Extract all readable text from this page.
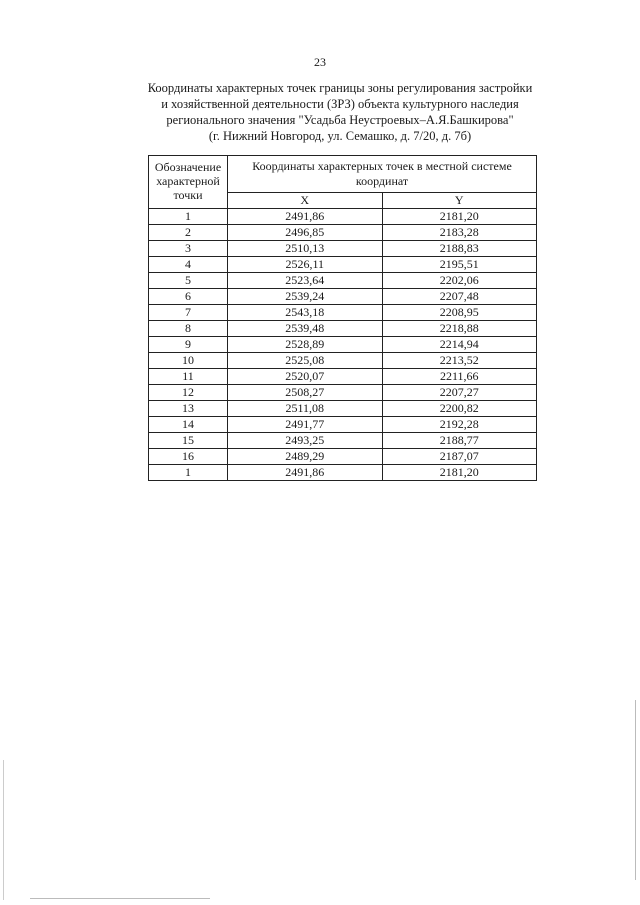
23
Координаты характерных точек границы зоны регулирования застройки
и хозяйственной деятельности (ЗРЗ) объекта культурного наследия
регионального значения "Усадьба Неустроевых–А.Я.Башкирова"
(г. Нижний Новгород, ул. Семашко, д. 7/20, д. 7б)
Обозначение характерной точки	Координаты характерных точек в местной системе координат	
	X	Y
1	2491,86	2181,20
2	2496,85	2183,28
3	2510,13	2188,83
4	2526,11	2195,51
5	2523,64	2202,06
6	2539,24	2207,48
7	2543,18	2208,95
8	2539,48	2218,88
9	2528,89	2214,94
10	2525,08	2213,52
11	2520,07	2211,66
12	2508,27	2207,27
13	2511,08	2200,82
14	2491,77	2192,28
15	2493,25	2188,77
16	2489,29	2187,07
1	2491,86	2181,20
